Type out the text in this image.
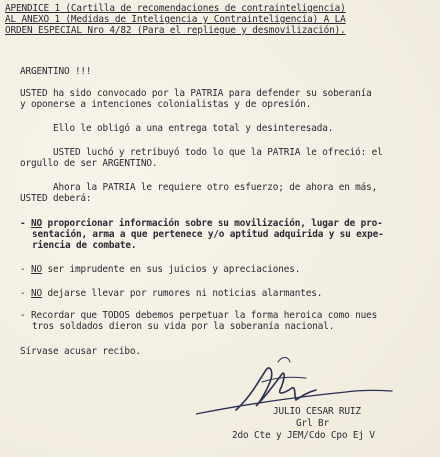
APENDICE 1 (Cartilla de recomendaciones de contrainteligencia)
AL ANEXO 1 (Medidas de Inteligencia y Contrainteligencia) A LA
ORDEN ESPECIAL Nro 4/82 (Para el repliegue y desmovilización).
ARGENTINO !!!
USTED ha sido convocado por la PATRIA para defender su soberanía
y oponerse a intenciones colonialistas y de opresión.
Ello le obligó a una entrega total y desinteresada.
USTED luchó y retribuyó todo lo que la PATRIA le ofreció: el
orgullo de ser ARGENTINO.
Ahora la PATRIA le requiere otro esfuerzo; de ahora en más,
USTED deberá:
- NO proporcionar información sobre su movilización, lugar de pro-
sentación, arma a que pertenece y/o aptitud adquirida y su expe-
riencia de combate.
- NO ser imprudente en sus juicios y apreciaciones.
- NO dejarse llevar por rumores ni noticias alarmantes.
- Recordar que TODOS debemos perpetuar la forma heroica como nues
tros soldados dieron su vida por la soberanía nacional.
Sírvase acusar recibo.
JULIO CESAR RUIZ
Grl Br
2do Cte y JEM/Cdo Cpo Ej V
